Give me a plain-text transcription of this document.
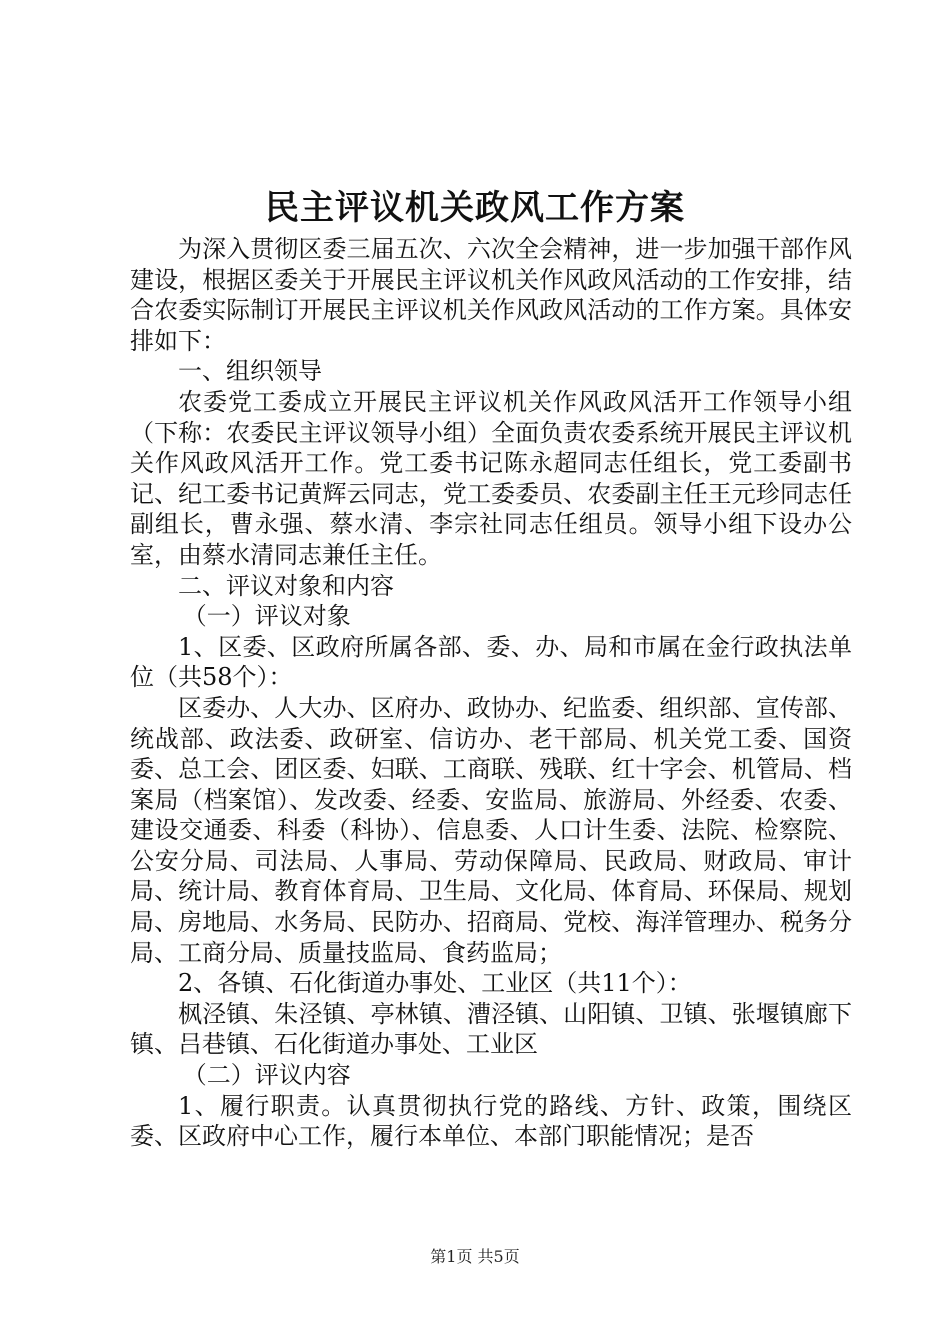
民主评议机关政风工作方案

为深入贯彻区委三届五次、六次全会精神，进一步加强干部作风建设，根据区委关于开展民主评议机关作风政风活动的工作安排，结合农委实际制订开展民主评议机关作风政风活动的工作方案。具体安排如下：

一、组织领导

农委党工委成立开展民主评议机关作风政风活开工作领导小组（下称：农委民主评议领导小组）全面负责农委系统开展民主评议机关作风政风活开工作。党工委书记陈永超同志任组长，党工委副书记、纪工委书记黄辉云同志，党工委委员、农委副主任王元珍同志任副组长，曹永强、蔡水清、李宗社同志任组员。领导小组下设办公室，由蔡水清同志兼任主任。

二、评议对象和内容

（一）评议对象

1、区委、区政府所属各部、委、办、局和市属在金行政执法单位（共58个）：

区委办、人大办、区府办、政协办、纪监委、组织部、宣传部、统战部、政法委、政研室、信访办、老干部局、机关党工委、国资委、总工会、团区委、妇联、工商联、残联、红十字会、机管局、档案局（档案馆）、发改委、经委、安监局、旅游局、外经委、农委、建设交通委、科委（科协）、信息委、人口计生委、法院、检察院、公安分局、司法局、人事局、劳动保障局、民政局、财政局、审计局、统计局、教育体育局、卫生局、文化局、体育局、环保局、规划局、房地局、水务局、民防办、招商局、党校、海洋管理办、税务分局、工商分局、质量技监局、食药监局；

2、各镇、石化街道办事处、工业区（共11个）：

枫泾镇、朱泾镇、亭林镇、漕泾镇、山阳镇、卫镇、张堰镇廊下镇、吕巷镇、石化街道办事处、工业区

（二）评议内容

1、履行职责。认真贯彻执行党的路线、方针、政策，围绕区委、区政府中心工作，履行本单位、本部门职能情况；是否

第1页 共5页
